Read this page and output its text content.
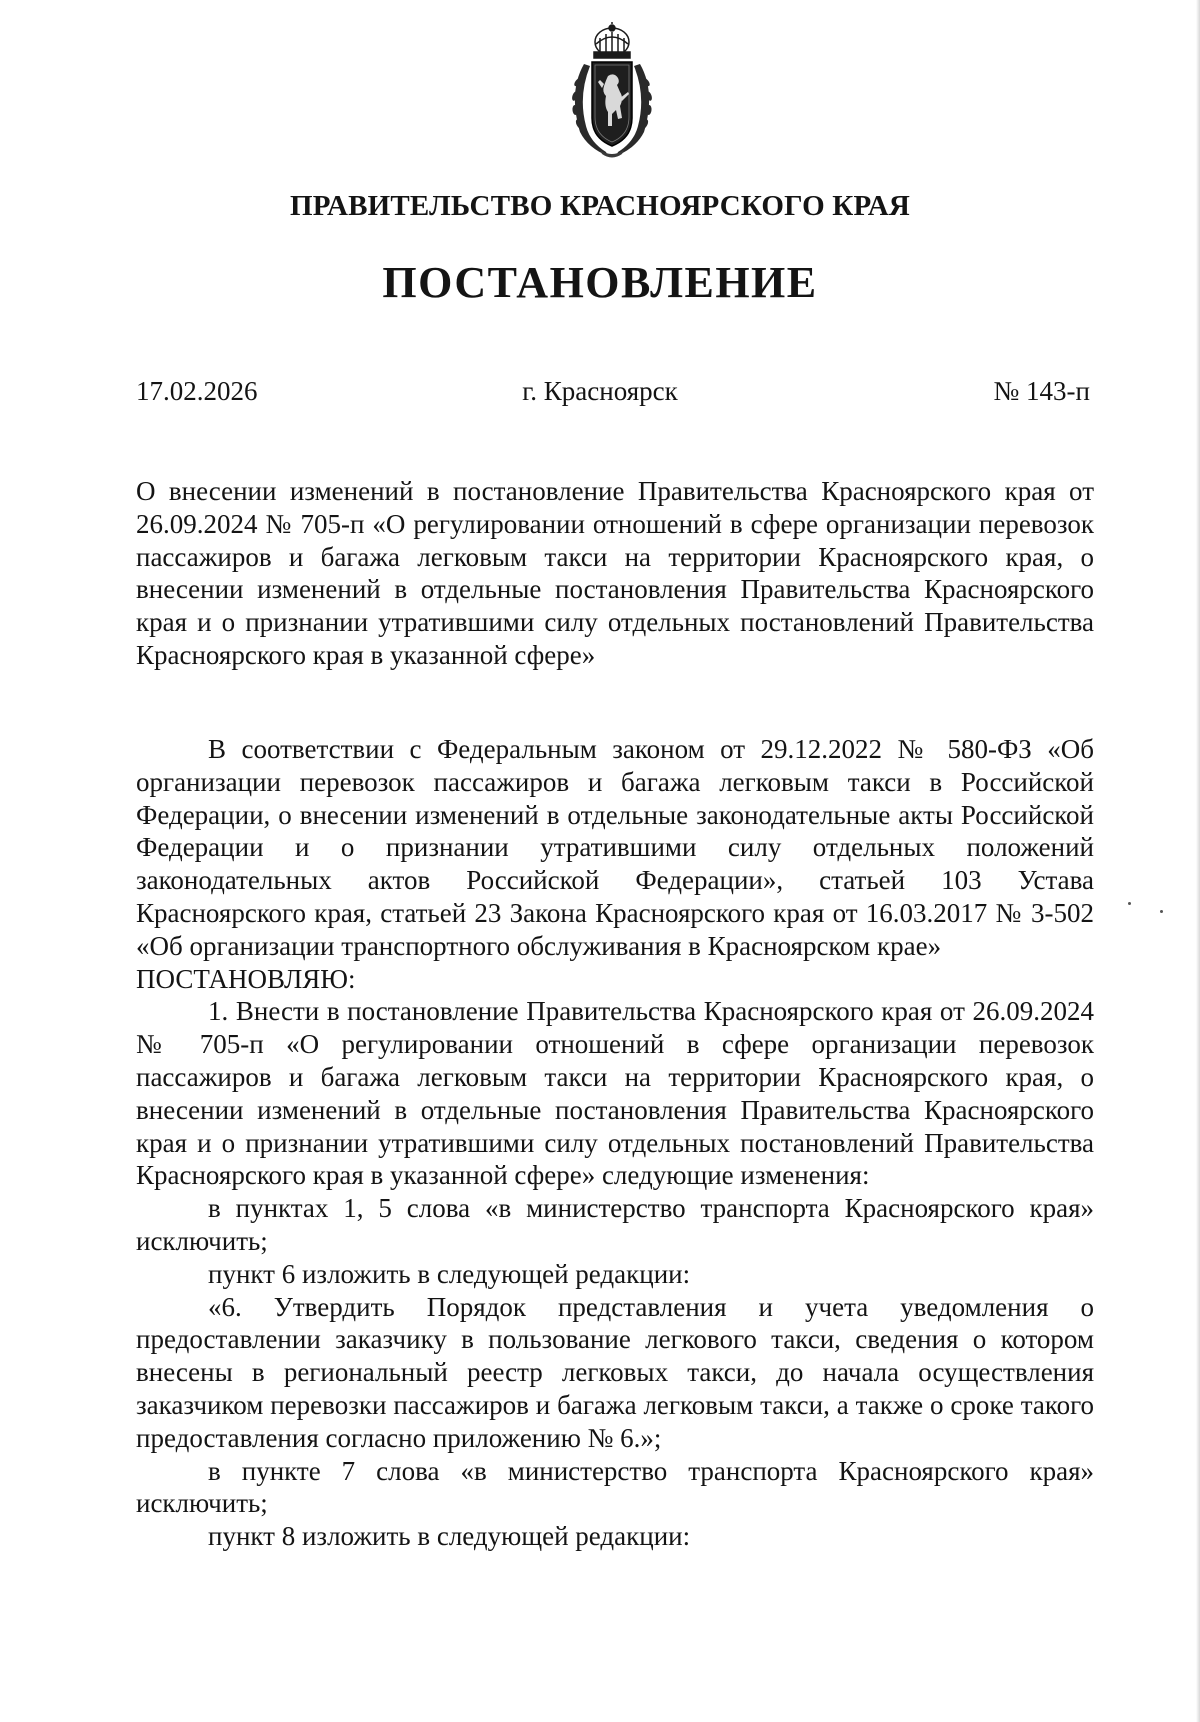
ПРАВИТЕЛЬСТВО КРАСНОЯРСКОГО КРАЯ
ПОСТАНОВЛЕНИЕ
17.02.2026	г. Красноярск	№ 143-п

О внесении изменений в постановление Правительства Красноярского края от 26.09.2024 № 705-п «О регулировании отношений в сфере организации перевозок пассажиров и багажа легковым такси на территории Красноярского края, о внесении изменений в отдельные постановления Правительства Красноярского края и о признании утратившими силу отдельных постановлений Правительства Красноярского края в указанной сфере»

В соответствии с Федеральным законом от 29.12.2022 № 580-ФЗ «Об организации перевозок пассажиров и багажа легковым такси в Российской Федерации, о внесении изменений в отдельные законодательные акты Российской Федерации и о признании утратившими силу отдельных положений законодательных актов Российской Федерации», статьей 103 Устава Красноярского края, статьей 23 Закона Красноярского края от 16.03.2017 № 3-502 «Об организации транспортного обслуживания в Красноярском крае»

ПОСТАНОВЛЯЮ:

1. Внести в постановление Правительства Красноярского края от 26.09.2024 № 705-п «О регулировании отношений в сфере организации перевозок пассажиров и багажа легковым такси на территории Красноярского края, о внесении изменений в отдельные постановления Правительства Красноярского края и о признании утратившими силу отдельных постановлений Правительства Красноярского края в указанной сфере» следующие изменения:

в пунктах 1, 5 слова «в министерство транспорта Красноярского края» исключить;

пункт 6 изложить в следующей редакции:

«6. Утвердить Порядок представления и учета уведомления о предоставлении заказчику в пользование легкового такси, сведения о котором внесены в региональный реестр легковых такси, до начала осуществления заказчиком перевозки пассажиров и багажа легковым такси, а также о сроке такого предоставления согласно приложению № 6.»;

в пункте 7 слова «в министерство транспорта Красноярского края» исключить;

пункт 8 изложить в следующей редакции:
